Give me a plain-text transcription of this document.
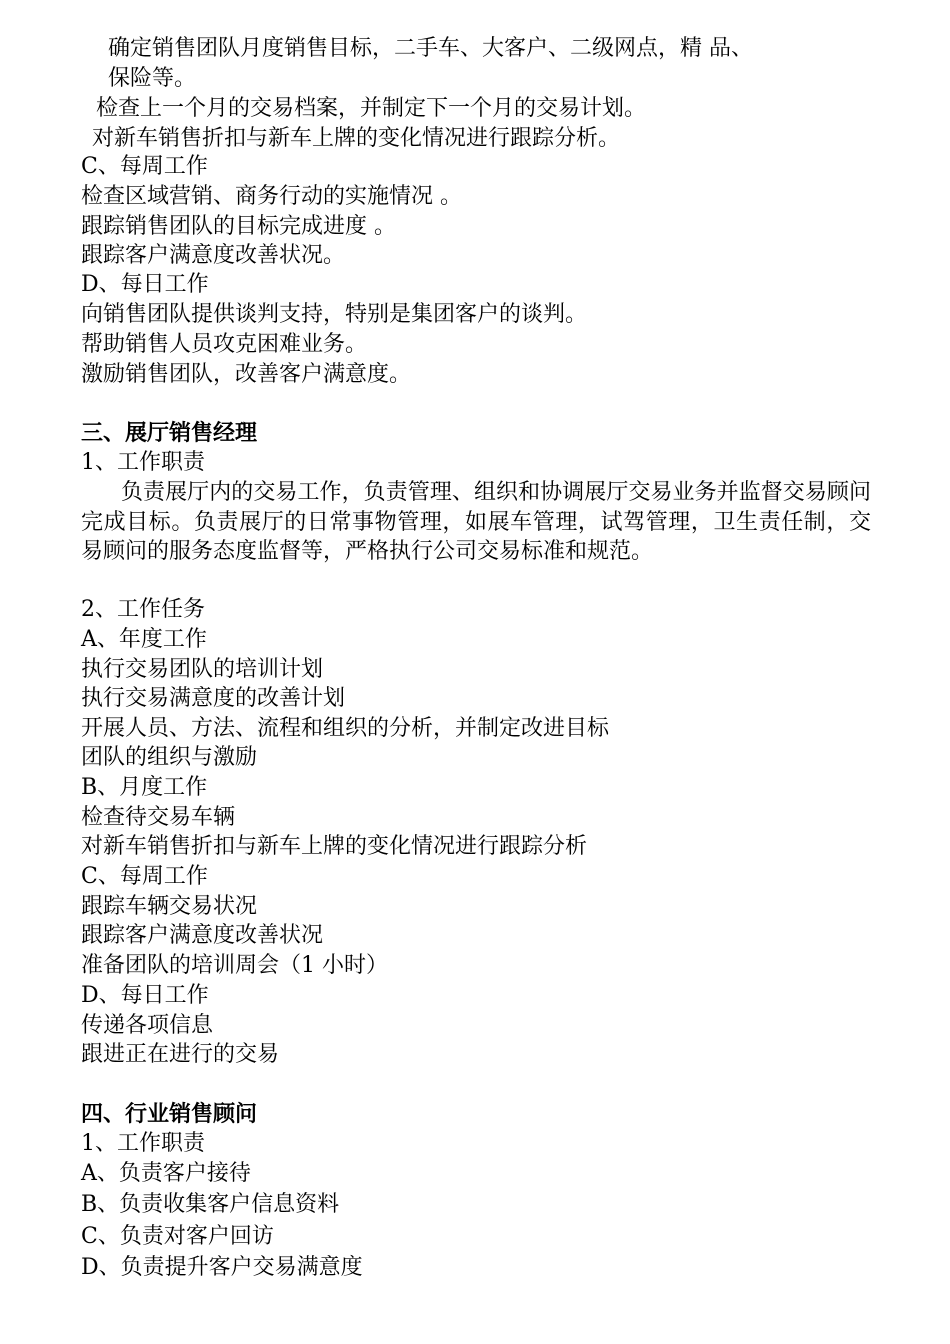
确定销售团队月度销售目标，二手车、大客户、二级网点，精 品、
保险等。
检查上一个月的交易档案，并制定下一个月的交易计划。
对新车销售折扣与新车上牌的变化情况进行跟踪分析。
C、每周工作
检查区域营销、商务行动的实施情况 。
跟踪销售团队的目标完成进度 。
跟踪客户满意度改善状况。
D、每日工作
向销售团队提供谈判支持，特别是集团客户的谈判。
帮助销售人员攻克困难业务。
激励销售团队，改善客户满意度。
三、展厅销售经理
1、工作职责
负责展厅内的交易工作，负责管理、组织和协调展厅交易业务并监督交易顾问完成目标。负责展厅的日常事物管理，如展车管理，试驾管理，卫生责任制，交易顾问的服务态度监督等，严格执行公司交易标准和规范。
2、工作任务
A、年度工作
执行交易团队的培训计划
执行交易满意度的改善计划
开展人员、方法、流程和组织的分析，并制定改进目标
团队的组织与激励
B、月度工作
检查待交易车辆
对新车销售折扣与新车上牌的变化情况进行跟踪分析
C、每周工作
跟踪车辆交易状况
跟踪客户满意度改善状况
准备团队的培训周会（1 小时）
D、每日工作
传递各项信息
跟进正在进行的交易
四、行业销售顾问
1、工作职责
A、负责客户接待
B、负责收集客户信息资料
C、负责对客户回访
D、负责提升客户交易满意度
